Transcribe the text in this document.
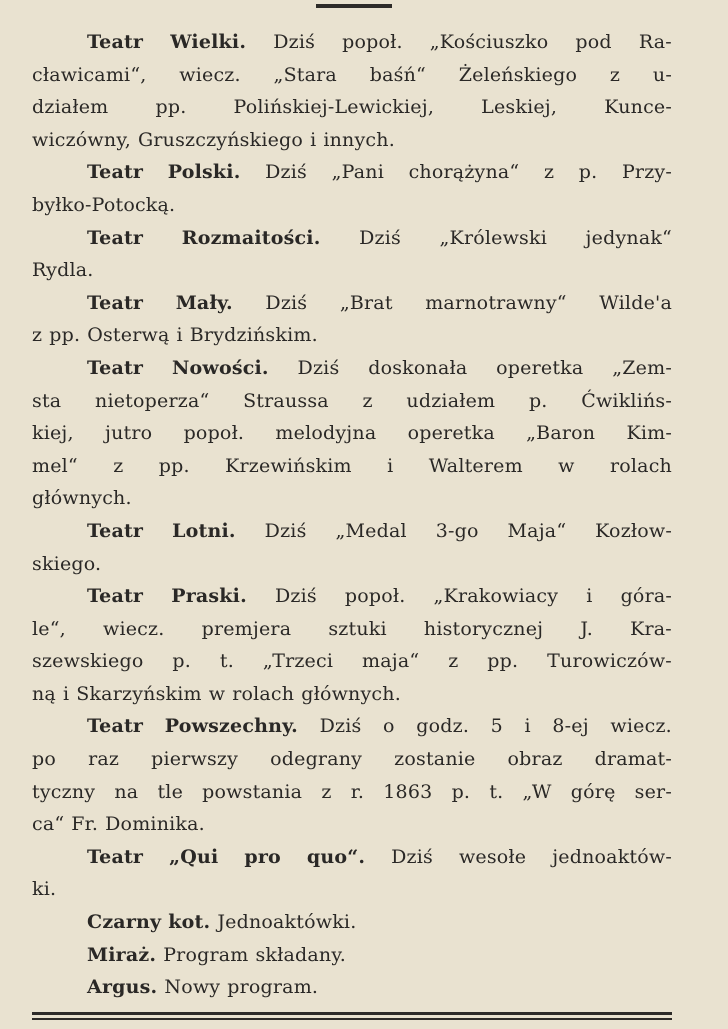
Teatr Wielki. Dziś popoł. „Kościuszko pod Ra-
cławicami“, wiecz. „Stara baśń“ Żeleńskiego z u-
działem pp. Polińskiej-Lewickiej, Leskiej, Kunce-
wiczówny, Gruszczyńskiego i innych.
Teatr Polski. Dziś „Pani chorążyna“ z p. Przy-
byłko-Potocką.
Teatr Rozmaitości. Dziś „Królewski jedynak“
Rydla.
Teatr Mały. Dziś „Brat marnotrawny“ Wilde'a
z pp. Osterwą i Brydzińskim.
Teatr Nowości. Dziś doskonała operetka „Zem-
sta nietoperza“ Straussa z udziałem p. Ćwiklińs-
kiej, jutro popoł. melodyjna operetka „Baron Kim-
mel“ z pp. Krzewińskim i Walterem w rolach
głównych.
Teatr Lotni. Dziś „Medal 3-go Maja“ Kozłow-
skiego.
Teatr Praski. Dziś popoł. „Krakowiacy i góra-
le“, wiecz. premjera sztuki historycznej J. Kra-
szewskiego p. t. „Trzeci maja“ z pp. Turowiczów-
ną i Skarzyńskim w rolach głównych.
Teatr Powszechny. Dziś o godz. 5 i 8-ej wiecz.
po raz pierwszy odegrany zostanie obraz dramat-
tyczny na tle powstania z r. 1863 p. t. „W górę ser-
ca“ Fr. Dominika.
Teatr „Qui pro quo“. Dziś wesołe jednoaktów-
ki.
Czarny kot. Jednoaktówki.
Miraż. Program składany.
Argus. Nowy program.
